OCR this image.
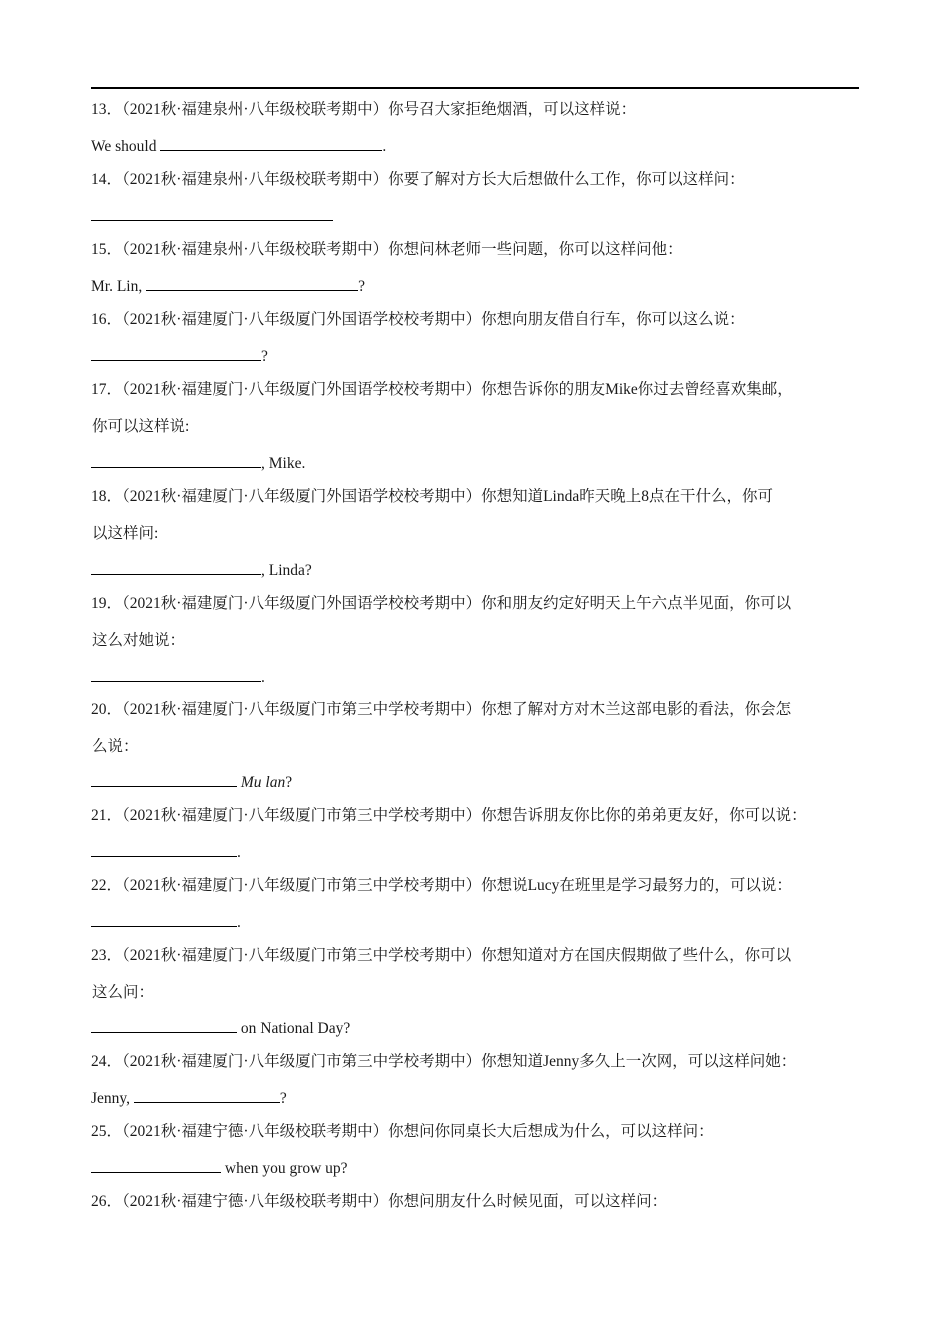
13．（2021秋·福建泉州·八年级校联考期中）你号召大家拒绝烟酒，可以这样说：
We should	.
14．（2021秋·福建泉州·八年级校联考期中）你要了解对方长大后想做什么工作，你可以这样问：
15．（2021秋·福建泉州·八年级校联考期中）你想问林老师一些问题，你可以这样问他：
Mr. Lin,	?
16．（2021秋·福建厦门·八年级厦门外国语学校校考期中）你想向朋友借自行车，你可以这么说：
?
17．（2021秋·福建厦门·八年级厦门外国语学校校考期中）你想告诉你的朋友Mike你过去曾经喜欢集邮，
你可以这样说:
, Mike.
18．（2021秋·福建厦门·八年级厦门外国语学校校考期中）你想知道Linda昨天晚上8点在干什么，你可
以这样问:
, Linda?
19．（2021秋·福建厦门·八年级厦门外国语学校校考期中）你和朋友约定好明天上午六点半见面，你可以
这么对她说：
.
20．（2021秋·福建厦门·八年级厦门市第三中学校考期中）你想了解对方对木兰这部电影的看法，你会怎
么说：
Mu lan?
21．（2021秋·福建厦门·八年级厦门市第三中学校考期中）你想告诉朋友你比你的弟弟更友好，你可以说：
.
22．（2021秋·福建厦门·八年级厦门市第三中学校考期中）你想说Lucy在班里是学习最努力的，可以说：
.
23．（2021秋·福建厦门·八年级厦门市第三中学校考期中）你想知道对方在国庆假期做了些什么，你可以
这么问：
on National Day?
24．（2021秋·福建厦门·八年级厦门市第三中学校考期中）你想知道Jenny多久上一次网，可以这样问她：
Jenny,	?
25．（2021秋·福建宁德·八年级校联考期中）你想问你同桌长大后想成为什么，可以这样问：
when you grow up?
26．（2021秋·福建宁德·八年级校联考期中）你想问朋友什么时候见面，可以这样问：
